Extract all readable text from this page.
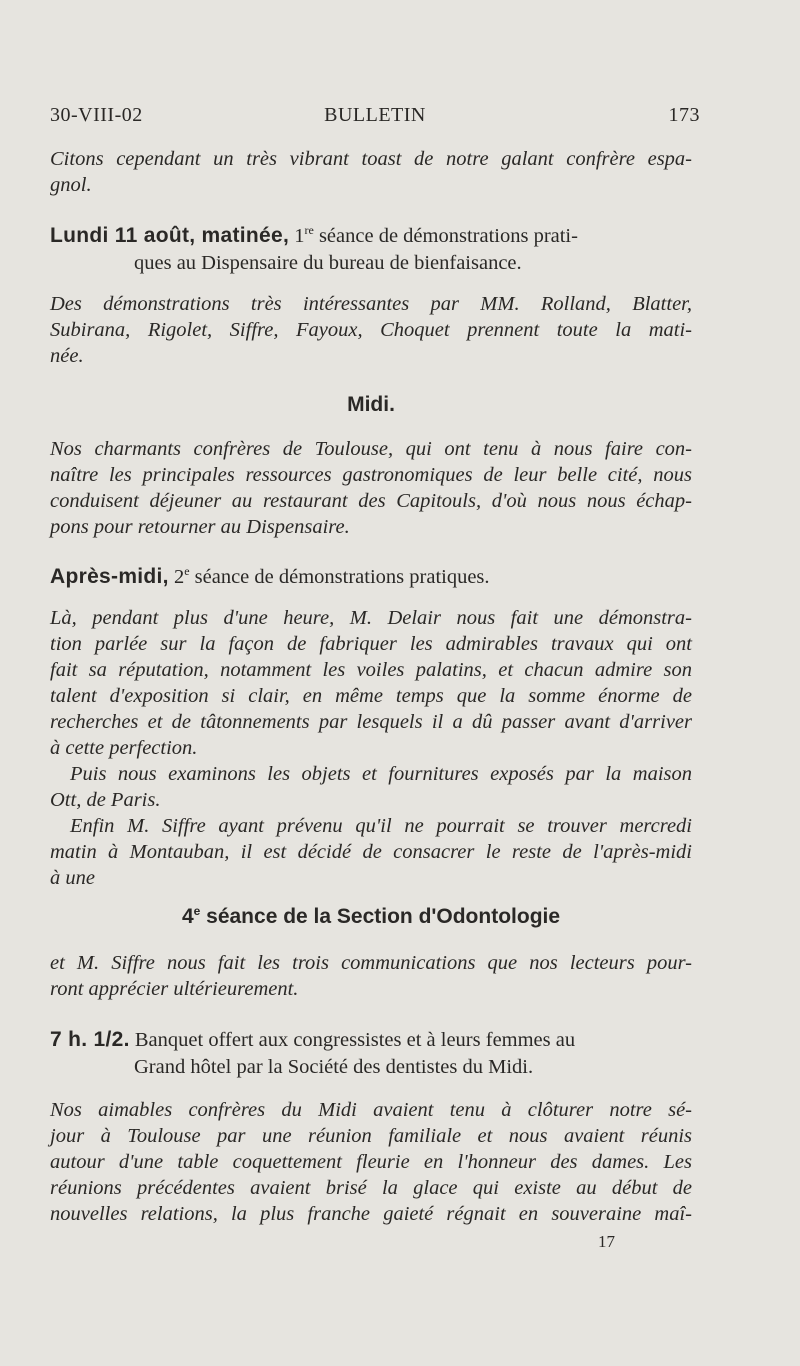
30-VIII-02	BULLETIN	173
Citons cependant un très vibrant toast de notre galant confrère espa-
gnol.
Lundi 11 août, matinée, 1re séance de démonstrations prati-
ques au Dispensaire du bureau de bienfaisance.
Des démonstrations très intéressantes par MM. Rolland, Blatter,
Subirana, Rigolet, Siffre, Fayoux, Choquet prennent toute la mati-
née.
Midi.
Nos charmants confrères de Toulouse, qui ont tenu à nous faire con-
naître les principales ressources gastronomiques de leur belle cité, nous
conduisent déjeuner au restaurant des Capitouls, d'où nous nous échap-
pons pour retourner au Dispensaire.
Après-midi, 2e séance de démonstrations pratiques.
Là, pendant plus d'une heure, M. Delair nous fait une démonstra-
tion parlée sur la façon de fabriquer les admirables travaux qui ont
fait sa réputation, notamment les voiles palatins, et chacun admire son
talent d'exposition si clair, en même temps que la somme énorme de
recherches et de tâtonnements par lesquels il a dû passer avant d'arriver
à cette perfection.
Puis nous examinons les objets et fournitures exposés par la maison
Ott, de Paris.
Enfin M. Siffre ayant prévenu qu'il ne pourrait se trouver mercredi
matin à Montauban, il est décidé de consacrer le reste de l'après-midi
à une
4e séance de la Section d'Odontologie
et M. Siffre nous fait les trois communications que nos lecteurs pour-
ront apprécier ultérieurement.
7 h. 1/2. Banquet offert aux congressistes et à leurs femmes au
Grand hôtel par la Société des dentistes du Midi.
Nos aimables confrères du Midi avaient tenu à clôturer notre sé-
jour à Toulouse par une réunion familiale et nous avaient réunis
autour d'une table coquettement fleurie en l'honneur des dames. Les
réunions précédentes avaient brisé la glace qui existe au début de
nouvelles relations, la plus franche gaieté régnait en souveraine maî-
17
